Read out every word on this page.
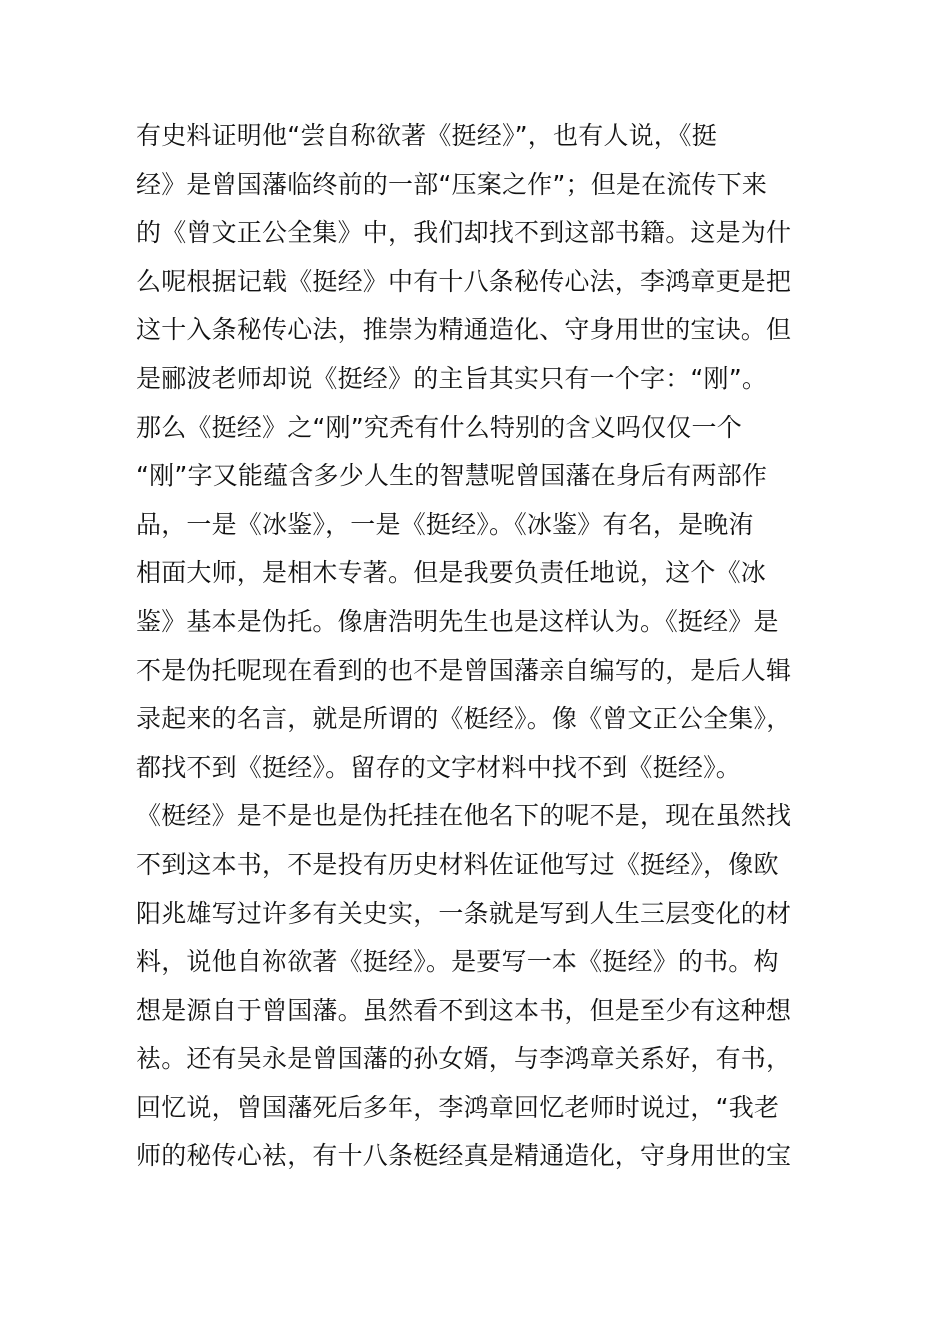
有史料证明他“尝自称欲著《挺经》”，也有人说，《挺
经》是曾国藩临终前的一部“压案之作”；但是在流传下来
的《曾文正公全集》中，我们却找不到这部书籍。这是为什
么呢根据记载《挺经》中有十八条秘传心法，李鸿章更是把
这十入条秘传心法，推崇为精通造化、守身用世的宝诀。但
是郦波老师却说《挺经》的主旨其实只有一个字：“刚”。
那么《挺经》之“刚”究秃有什么特别的含义吗仅仅一个
“刚”字又能蕴含多少人生的智慧呢曾国藩在身后有两部作
品，一是《冰鉴》，一是《挺经》。《冰鉴》有名，是晚洧
相面大师，是相木专著。但是我要负责任地说，这个《冰
鉴》基本是伪托。像唐浩明先生也是这样认为。《挺经》是
不是伪托呢现在看到的也不是曾国藩亲自编写的，是后人辑
录起来的名言，就是所谓的《梃经》。像《曾文正公全集》，
都找不到《挺经》。留存的文字材料中找不到《挺经》。
《梃经》是不是也是伪托挂在他名下的呢不是，现在虽然找
不到这本书，不是投有历史材料佐证他写过《挺经》，像欧
阳兆雄写过许多有关史实，一条就是写到人生三层变化的材
料，说他自祢欲著《挺经》。是要写一本《挺经》的书。构
想是源自于曾国藩。虽然看不到这本书，但是至少有这种想
袪。还有吴永是曾国藩的孙女婿，与李鸿章关系好，有书，
回忆说，曾国藩死后多年，李鸿章回忆老师时说过，“我老
师的秘传心袪，有十八条梃经真是精通造化，守身用世的宝
